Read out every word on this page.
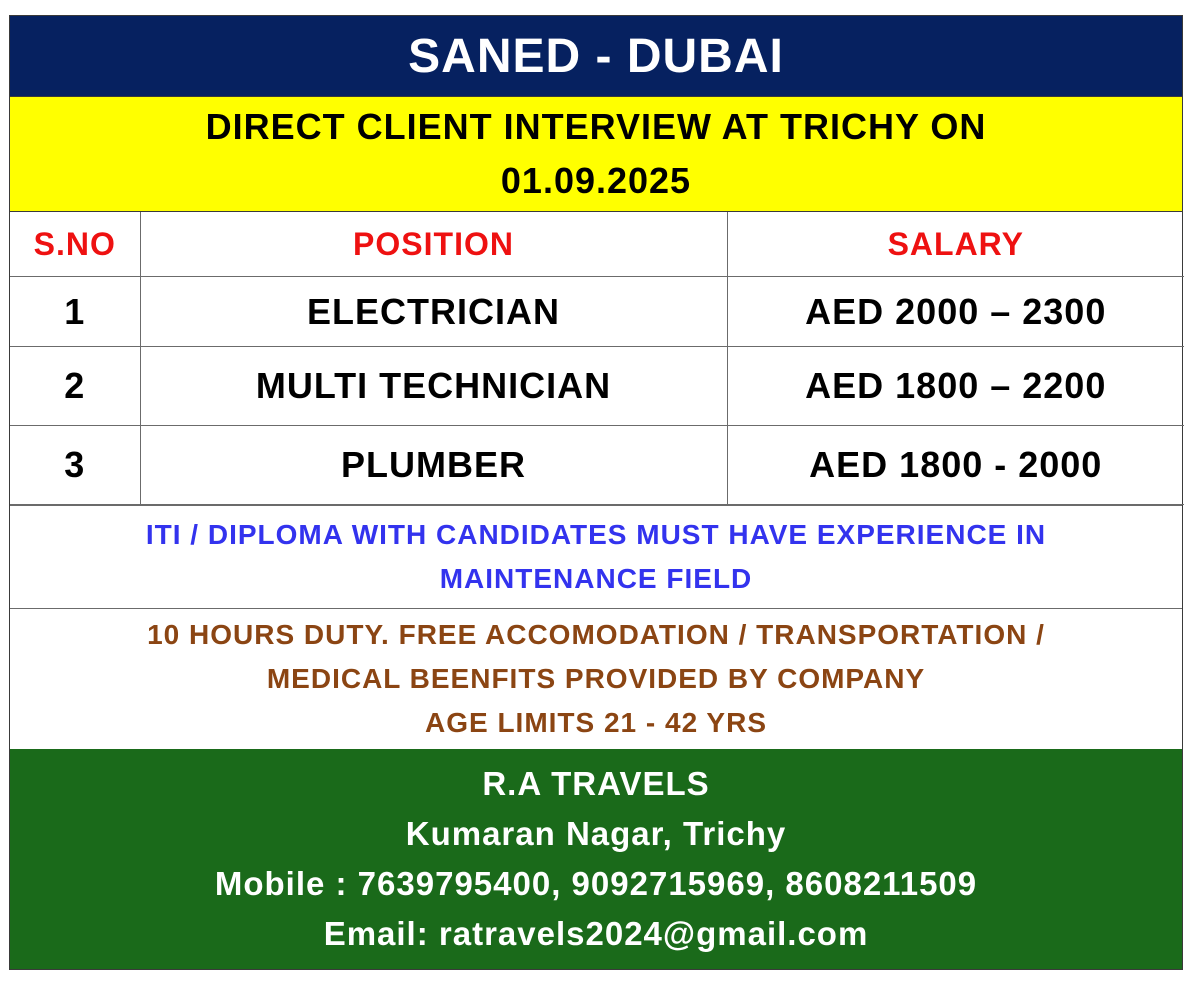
SANED - DUBAI
DIRECT CLIENT INTERVIEW AT TRICHY ON
01.09.2025
S.NO	POSITION	SALARY
1	ELECTRICIAN	AED 2000 – 2300
2	MULTI TECHNICIAN	AED 1800 – 2200
3	PLUMBER	AED 1800 - 2000
ITI / DIPLOMA WITH CANDIDATES MUST HAVE EXPERIENCE IN
MAINTENANCE FIELD
10 HOURS DUTY. FREE ACCOMODATION / TRANSPORTATION /
MEDICAL BEENFITS PROVIDED BY COMPANY
AGE LIMITS 21 - 42 YRS
R.A TRAVELS
Kumaran Nagar, Trichy
Mobile : 7639795400, 9092715969, 8608211509
Email: ratravels2024@gmail.com
